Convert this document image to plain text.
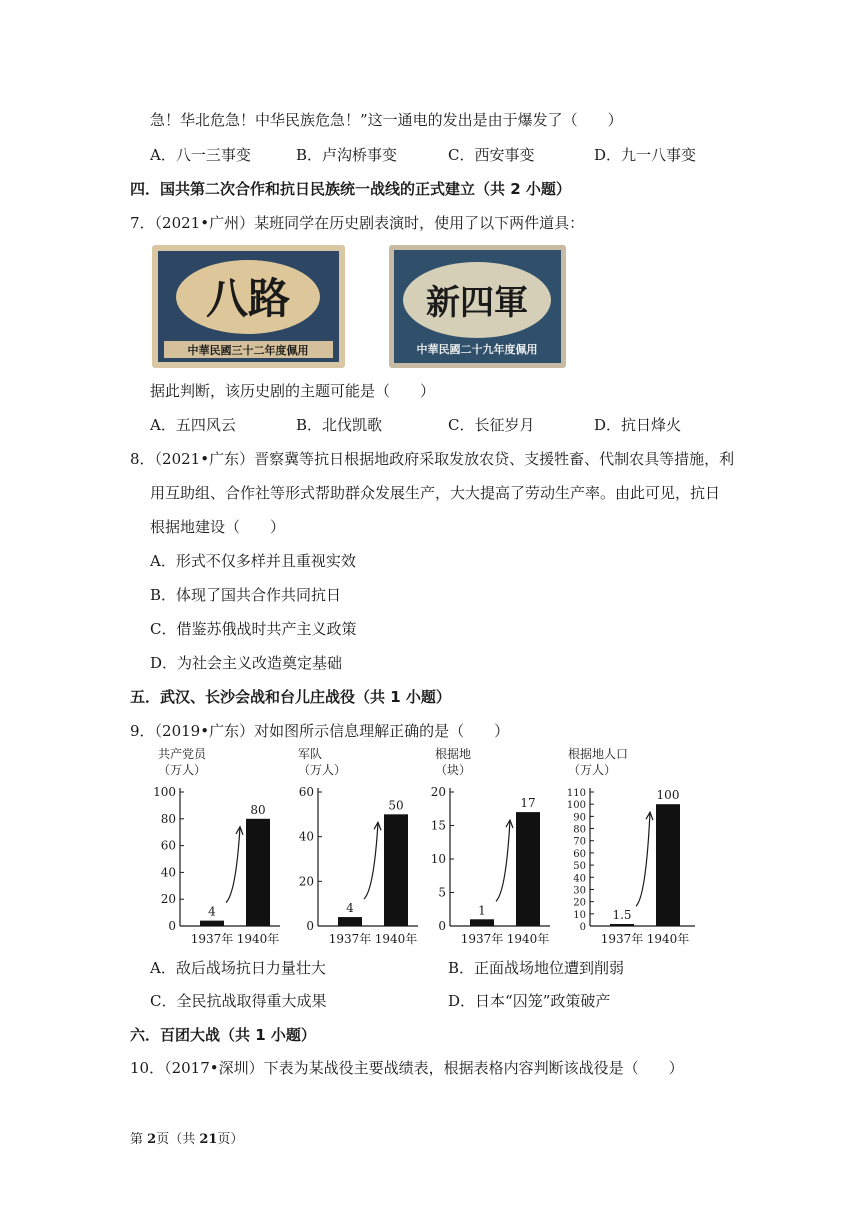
急！华北危急！中华民族危急！”这一通电的发出是由于爆发了（　　）
A．八一三事变	B．卢沟桥事变	C．西安事变	D．九一八事变
四．国共第二次合作和抗日民族统一战线的正式建立（共 2 小题）
7．（2021•广州）某班同学在历史剧表演时，使用了以下两件道具：
八路
中華民國三十二年度佩用
新四軍
中華民國二十九年度佩用
据此判断，该历史剧的主题可能是（　　）
A．五四风云	B．北伐凯歌	C．长征岁月	D．抗日烽火
8．（2021•广东）晋察冀等抗日根据地政府采取发放农贷、支援牲畜、代制农具等措施，利
用互助组、合作社等形式帮助群众发展生产，大大提高了劳动生产率。由此可见，抗日
根据地建设（　　）
A．形式不仅多样并且重视实效
B．体现了国共合作共同抗日
C．借鉴苏俄战时共产主义政策
D．为社会主义改造奠定基础
五．武汉、长沙会战和台儿庄战役（共 1 小题）
9．（2019•广东）对如图所示信息理解正确的是（　　）
共产党员
（万人）
0
20
40
60
80
100
4
1937年
80
1940年
军队
（万人）
0
20
40
60
4
1937年
50
1940年
根据地
（块）
0
5
10
15
20
1
1937年
17
1940年
根据地人口
（万人）
0
10
20
30
40
50
60
70
80
90
100
110
1.5
1937年
100
1940年
A．敌后战场抗日力量壮大	B．正面战场地位遭到削弱
C．全民抗战取得重大成果	D．日本“囚笼”政策破产
六．百团大战（共 1 小题）
10．（2017•深圳）下表为某战役主要战绩表，根据表格内容判断该战役是（　　）
第 2页（共 21页）
